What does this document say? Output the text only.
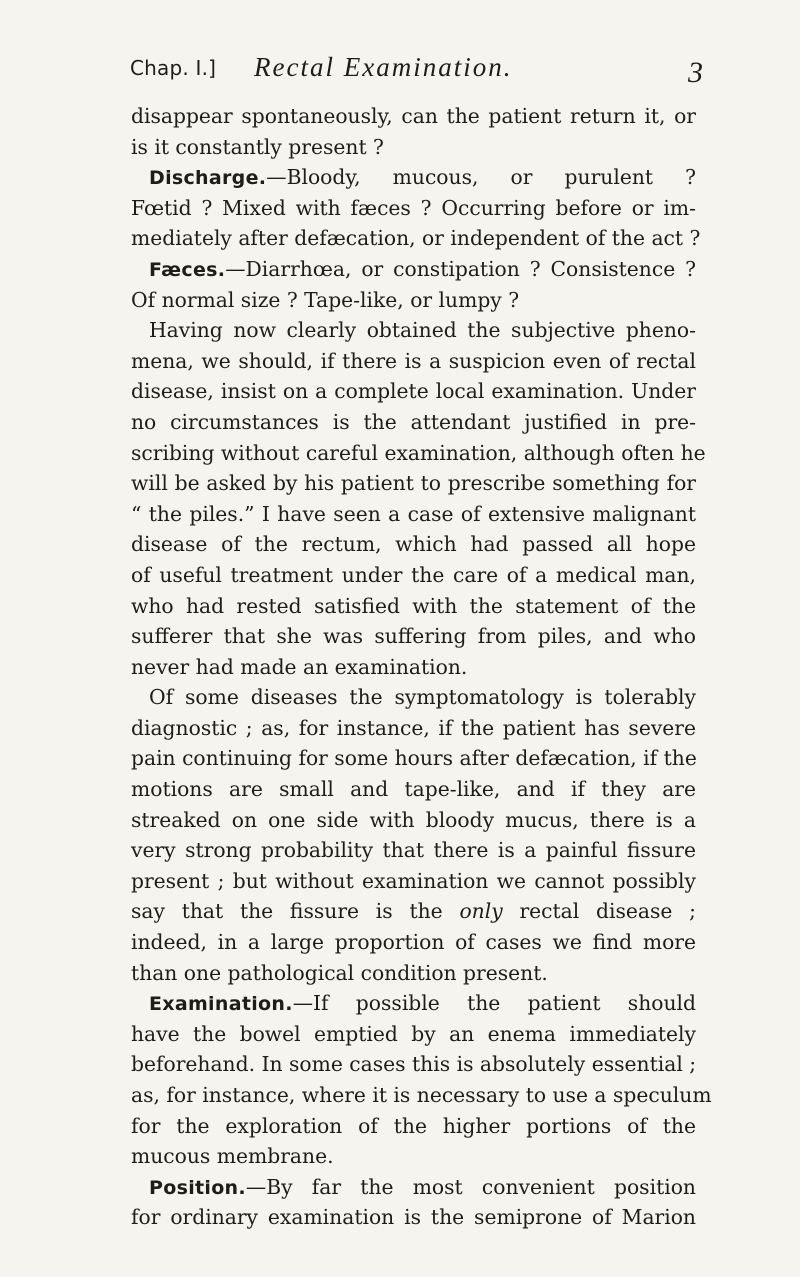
Chap. I.] Rectal Examination.	3
disappear spontaneously, can the patient return it, or
is it constantly present ?
Discharge.—Bloody, mucous, or purulent ?
Fœtid ? Mixed with fæces ? Occurring before or im-
mediately after defæcation, or independent of the act ?
Fæces.—Diarrhœa, or constipation ? Consistence ?
Of normal size ? Tape-like, or lumpy ?
Having now clearly obtained the subjective pheno-
mena, we should, if there is a suspicion even of rectal
disease, insist on a complete local examination. Under
no circumstances is the attendant justified in pre-
scribing without careful examination, although often he
will be asked by his patient to prescribe something for
“ the piles.” I have seen a case of extensive malignant
disease of the rectum, which had passed all hope
of useful treatment under the care of a medical man,
who had rested satisfied with the statement of the
sufferer that she was suffering from piles, and who
never had made an examination.
Of some diseases the symptomatology is tolerably
diagnostic ; as, for instance, if the patient has severe
pain continuing for some hours after defæcation, if the
motions are small and tape-like, and if they are
streaked on one side with bloody mucus, there is a
very strong probability that there is a painful fissure
present ; but without examination we cannot possibly
say that the fissure is the only rectal disease ;
indeed, in a large proportion of cases we find more
than one pathological condition present.
Examination.—If possible the patient should
have the bowel emptied by an enema immediately
beforehand. In some cases this is absolutely essential ;
as, for instance, where it is necessary to use a speculum
for the exploration of the higher portions of the
mucous membrane.
Position.—By far the most convenient position
for ordinary examination is the semiprone of Marion
